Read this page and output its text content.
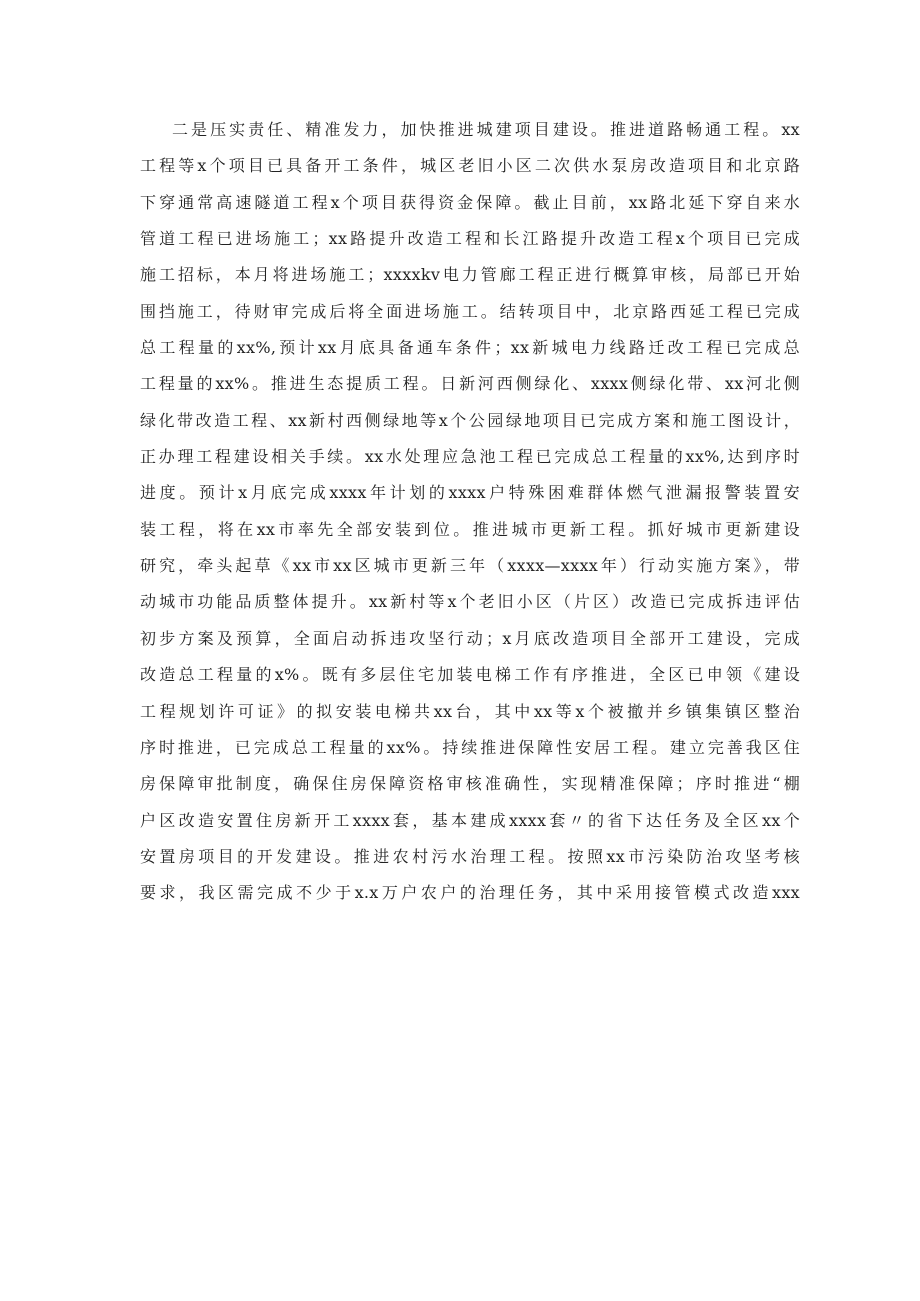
二是压实责任、精准发力，加快推进城建项目建设。推进道路畅通工程。xx
工程等x个项目已具备开工条件，城区老旧小区二次供水泵房改造项目和北京路
下穿通常高速隧道工程x个项目获得资金保障。截止目前，xx路北延下穿自来水
管道工程已进场施工；xx路提升改造工程和长江路提升改造工程x个项目已完成
施工招标，本月将进场施工；xxxxkv电力管廊工程正进行概算审核，局部已开始
围挡施工，待财审完成后将全面进场施工。结转项目中，北京路西延工程已完成
总工程量的xx%,预计xx月底具备通车条件；xx新城电力线路迁改工程已完成总
工程量的xx%。推进生态提质工程。日新河西侧绿化、xxxx侧绿化带、xx河北侧
绿化带改造工程、xx新村西侧绿地等x个公园绿地项目已完成方案和施工图设计，
正办理工程建设相关手续。xx水处理应急池工程已完成总工程量的xx%,达到序时
进度。预计x月底完成xxxx年计划的xxxx户特殊困难群体燃气泄漏报警装置安
装工程，将在xx市率先全部安装到位。推进城市更新工程。抓好城市更新建设
研究，牵头起草《xx市xx区城市更新三年（xxxx—xxxx年）行动实施方案》，带
动城市功能品质整体提升。xx新村等x个老旧小区（片区）改造已完成拆违评估
初步方案及预算，全面启动拆违攻坚行动；x月底改造项目全部开工建设，完成
改造总工程量的x%。既有多层住宅加装电梯工作有序推进，全区已申领《建设
工程规划许可证》的拟安装电梯共xx台，其中xx等x个被撤并乡镇集镇区整治
序时推进，已完成总工程量的xx%。持续推进保障性安居工程。建立完善我区住
房保障审批制度，确保住房保障资格审核准确性，实现精准保障；序时推进“棚
户区改造安置住房新开工xxxx套，基本建成xxxx套〃的省下达任务及全区xx个
安置房项目的开发建设。推进农村污水治理工程。按照xx市污染防治攻坚考核
要求，我区需完成不少于x.x万户农户的治理任务，其中采用接管模式改造xxx
